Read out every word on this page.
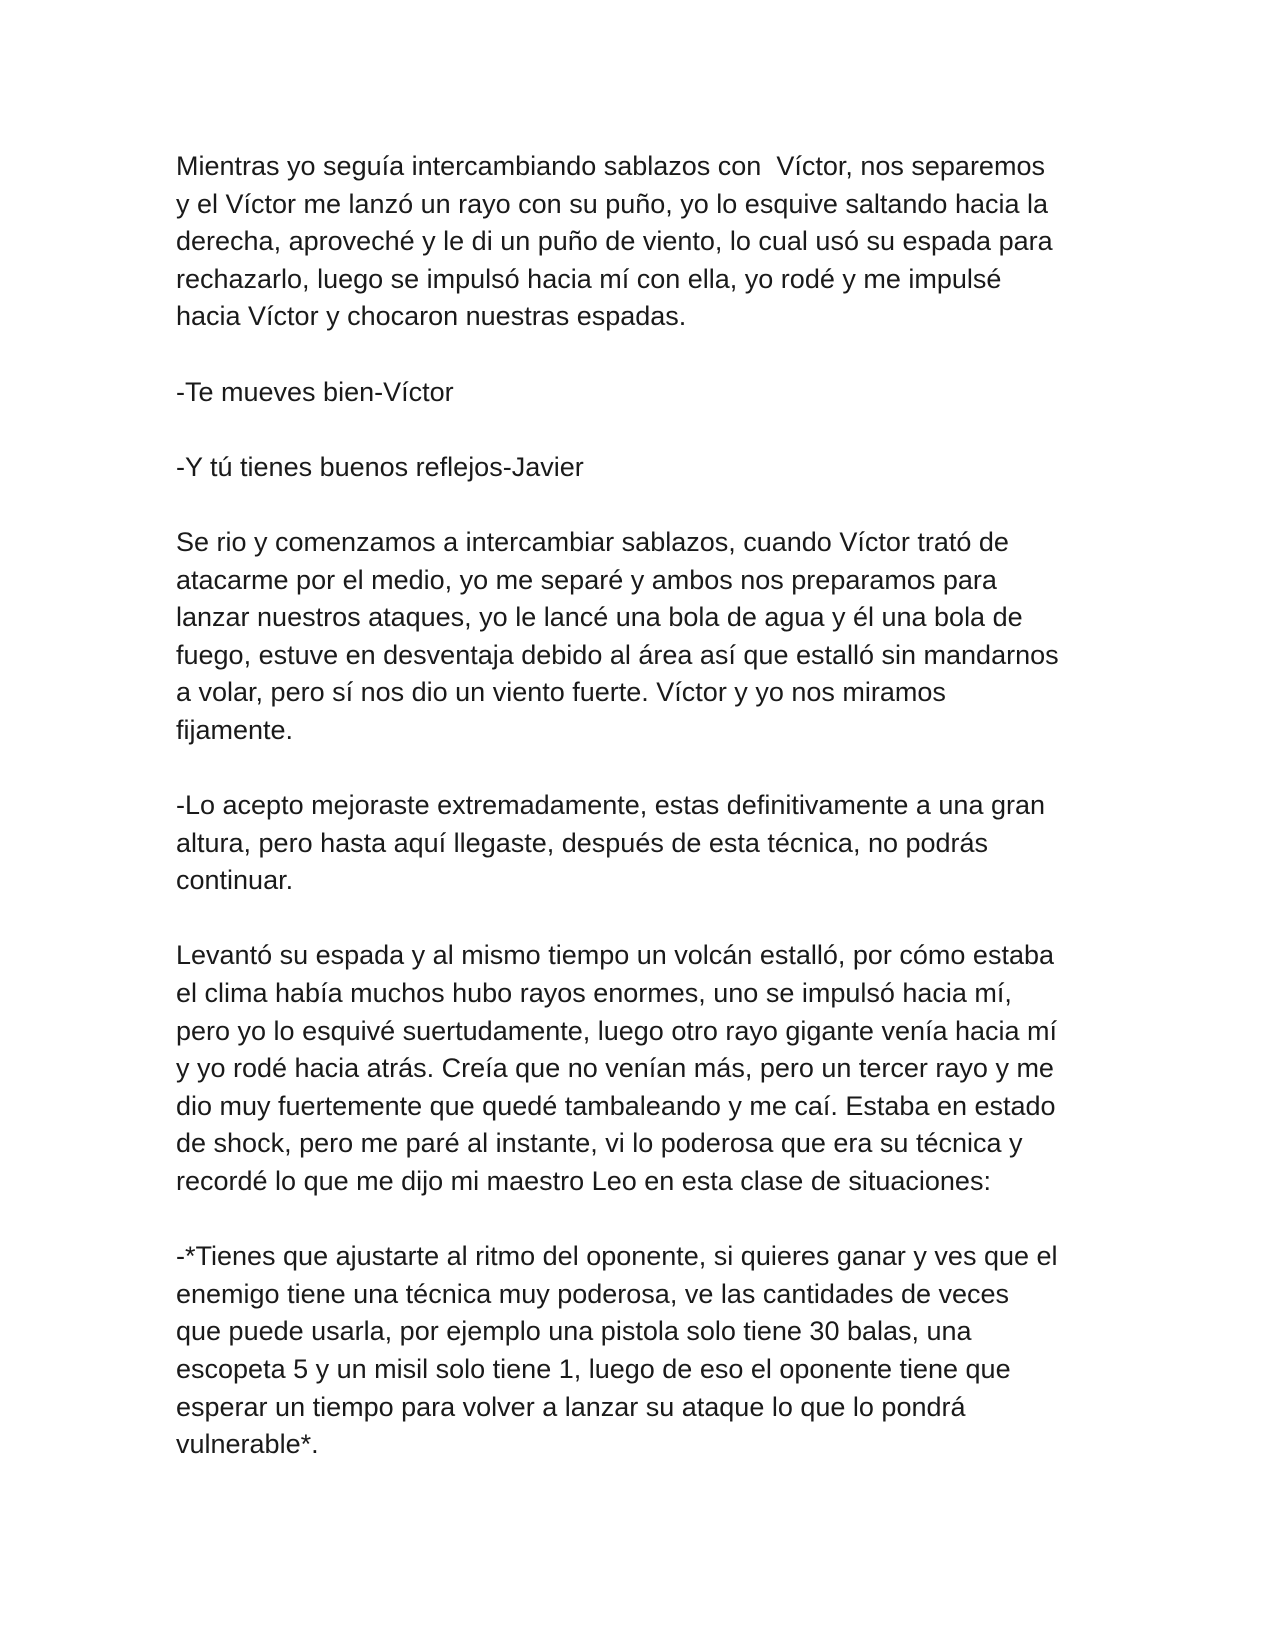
Mientras yo seguía intercambiando sablazos con  Víctor, nos separemos
y el Víctor me lanzó un rayo con su puño, yo lo esquive saltando hacia la
derecha, aproveché y le di un puño de viento, lo cual usó su espada para
rechazarlo, luego se impulsó hacia mí con ella, yo rodé y me impulsé
hacia Víctor y chocaron nuestras espadas.

-Te mueves bien-Víctor

-Y tú tienes buenos reflejos-Javier

Se rio y comenzamos a intercambiar sablazos, cuando Víctor trató de
atacarme por el medio, yo me separé y ambos nos preparamos para
lanzar nuestros ataques, yo le lancé una bola de agua y él una bola de
fuego, estuve en desventaja debido al área así que estalló sin mandarnos
a volar, pero sí nos dio un viento fuerte. Víctor y yo nos miramos
fijamente.

-Lo acepto mejoraste extremadamente, estas definitivamente a una gran
altura, pero hasta aquí llegaste, después de esta técnica, no podrás
continuar.

Levantó su espada y al mismo tiempo un volcán estalló, por cómo estaba
el clima había muchos hubo rayos enormes, uno se impulsó hacia mí,
pero yo lo esquivé suertudamente, luego otro rayo gigante venía hacia mí
y yo rodé hacia atrás. Creía que no venían más, pero un tercer rayo y me
dio muy fuertemente que quedé tambaleando y me caí. Estaba en estado
de shock, pero me paré al instante, vi lo poderosa que era su técnica y
recordé lo que me dijo mi maestro Leo en esta clase de situaciones:

-*Tienes que ajustarte al ritmo del oponente, si quieres ganar y ves que el
enemigo tiene una técnica muy poderosa, ve las cantidades de veces
que puede usarla, por ejemplo una pistola solo tiene 30 balas, una
escopeta 5 y un misil solo tiene 1, luego de eso el oponente tiene que
esperar un tiempo para volver a lanzar su ataque lo que lo pondrá
vulnerable*.
